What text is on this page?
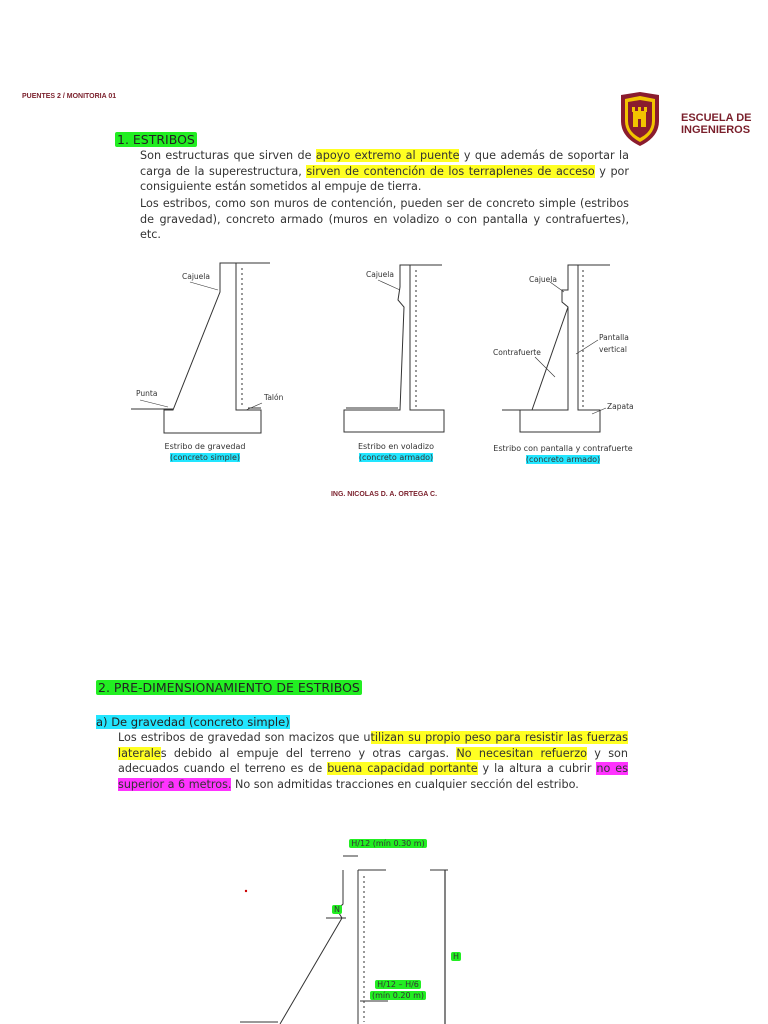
PUENTES 2 / MONITORIA 01
ESCUELA DE
INGENIEROS
1. ESTRIBOS
Son estructuras que sirven de apoyo extremo al puente y que además de soportar la carga de la superestructura, sirven de contención de los terraplenes de acceso y por consiguiente están sometidos al empuje de tierra.
Los estribos, como son muros de contención, pueden ser de concreto simple (estribos de gravedad), concreto armado (muros en voladizo o con pantalla y contrafuertes), etc.
Cajuela
Punta	Talón
Estribo de gravedad
(concreto simple)
Cajuela
Estribo en voladizo
(concreto armado)
Cajuela
Contrafuerte
Pantalla
vertical
Zapata
Estribo con pantalla y contrafuerte
(concreto armado)
ING. NICOLAS D. A. ORTEGA C.
2. PRE-DIMENSIONAMIENTO DE ESTRIBOS
a) De gravedad (concreto simple)
Los estribos de gravedad son macizos que utilizan su propio peso para resistir las fuerzas laterales debido al empuje del terreno y otras cargas. No necesitan refuerzo y son adecuados cuando el terreno es de buena capacidad portante y la altura a cubrir no es superior a 6 metros. No son admitidas tracciones en cualquier sección del estribo.
H/12 (mín 0.30 m)
N
H
H/12 – H/6
(mín 0.20 m)
